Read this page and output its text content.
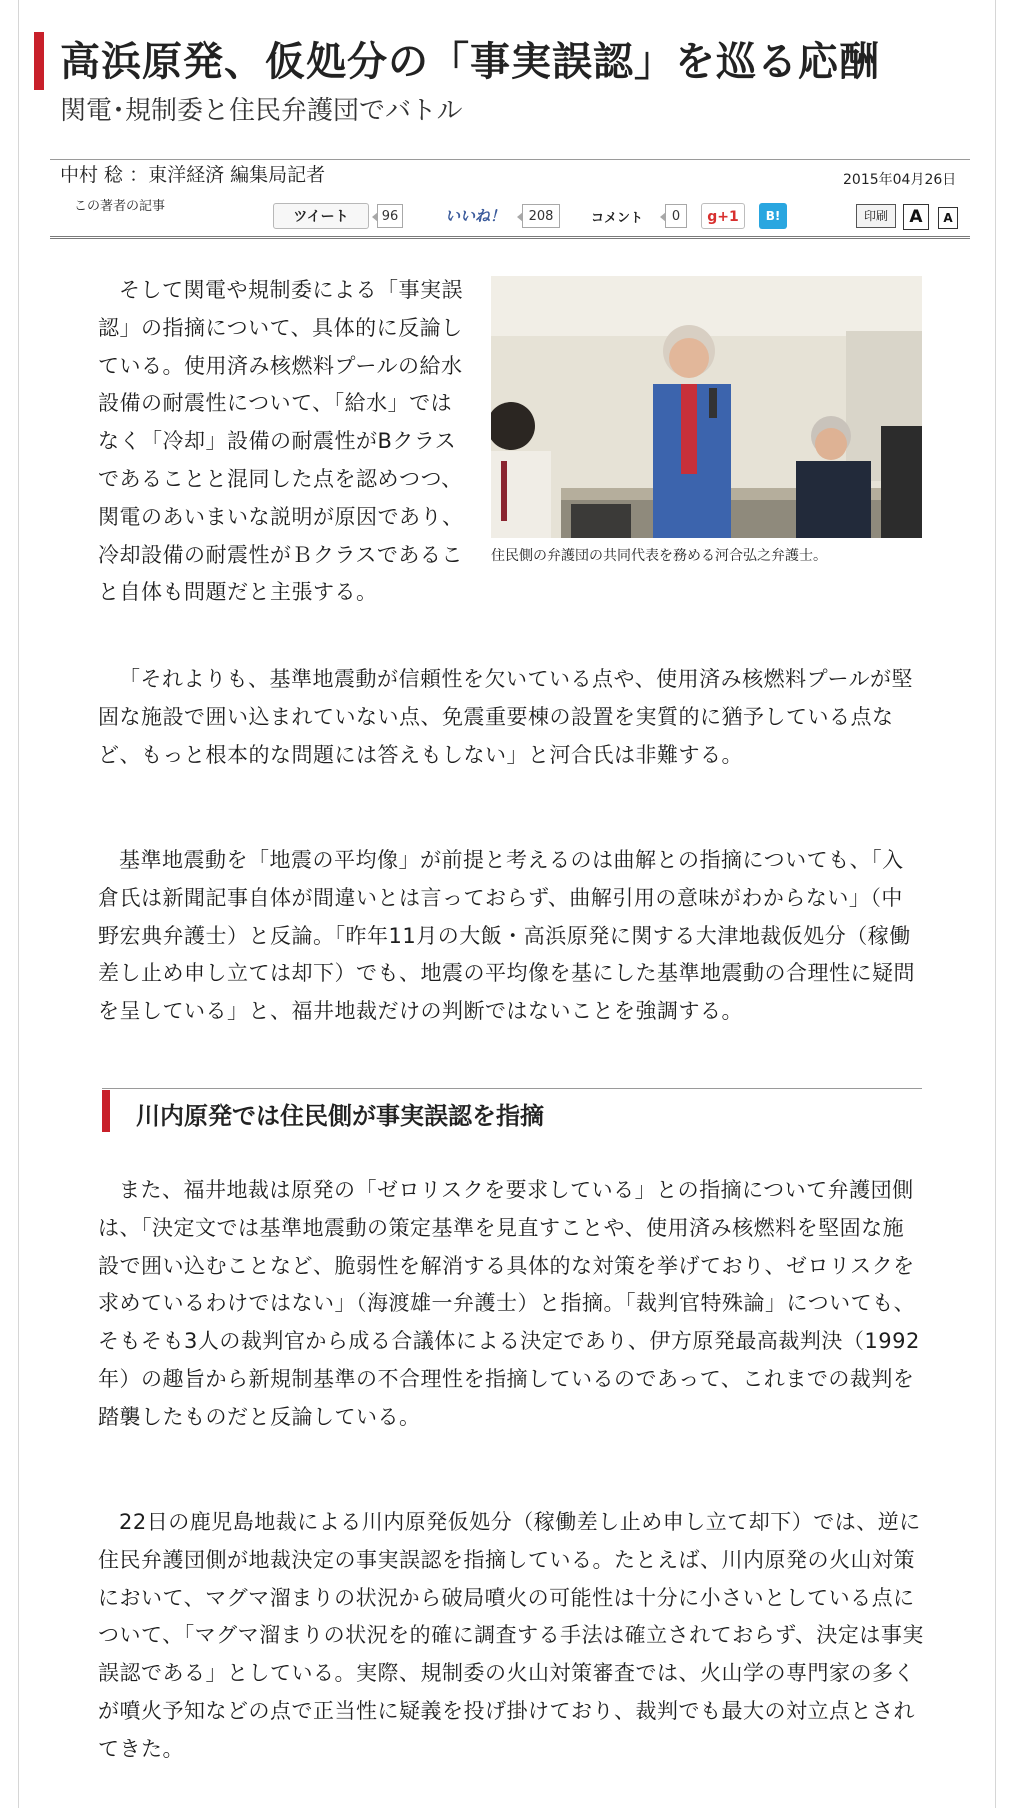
高浜原発、仮処分の「事実誤認」を巡る応酬
関電･規制委と住民弁護団でバトル
中村 稔 ：東洋経済 編集局記者	2015年04月26日
この著者の記事
ツイート	96	いいね！	208	コメント	0	g+1	B!	印刷	A	A

そして関電や規制委による「事実誤認」の指摘について、具体的に反論している。使用済み核燃料プールの給水設備の耐震性について、「給水」ではなく「冷却」設備の耐震性がBクラスであることと混同した点を認めつつ、関電のあいまいな説明が原因であり、冷却設備の耐震性がＢクラスであること自体も問題だと主張する。

住民側の弁護団の共同代表を務める河合弘之弁護士。

「それよりも、基準地震動が信頼性を欠いている点や、使用済み核燃料プールが堅固な施設で囲い込まれていない点、免震重要棟の設置を実質的に猶予している点など、もっと根本的な問題には答えもしない」と河合氏は非難する。

基準地震動を「地震の平均像」が前提と考えるのは曲解との指摘についても、「入倉氏は新聞記事自体が間違いとは言っておらず、曲解引用の意味がわからない」（中野宏典弁護士）と反論。「昨年11月の大飯・高浜原発に関する大津地裁仮処分（稼働差し止め申し立ては却下）でも、地震の平均像を基にした基準地震動の合理性に疑問を呈している」と、福井地裁だけの判断ではないことを強調する。

川内原発では住民側が事実誤認を指摘

また、福井地裁は原発の「ゼロリスクを要求している」との指摘について弁護団側は、「決定文では基準地震動の策定基準を見直すことや、使用済み核燃料を堅固な施設で囲い込むことなど、脆弱性を解消する具体的な対策を挙げており、ゼロリスクを求めているわけではない」（海渡雄一弁護士）と指摘。「裁判官特殊論」についても、そもそも3人の裁判官から成る合議体による決定であり、伊方原発最高裁判決（1992年）の趣旨から新規制基準の不合理性を指摘しているのであって、これまでの裁判を踏襲したものだと反論している。

22日の鹿児島地裁による川内原発仮処分（稼働差し止め申し立て却下）では、逆に住民弁護団側が地裁決定の事実誤認を指摘している。たとえば、川内原発の火山対策において、マグマ溜まりの状況から破局噴火の可能性は十分に小さいとしている点について、「マグマ溜まりの状況を的確に調査する手法は確立されておらず、決定は事実誤認である」としている。実際、規制委の火山対策審査では、火山学の専門家の多くが噴火予知などの点で正当性に疑義を投げ掛けており、裁判でも最大の対立点とされてきた。
